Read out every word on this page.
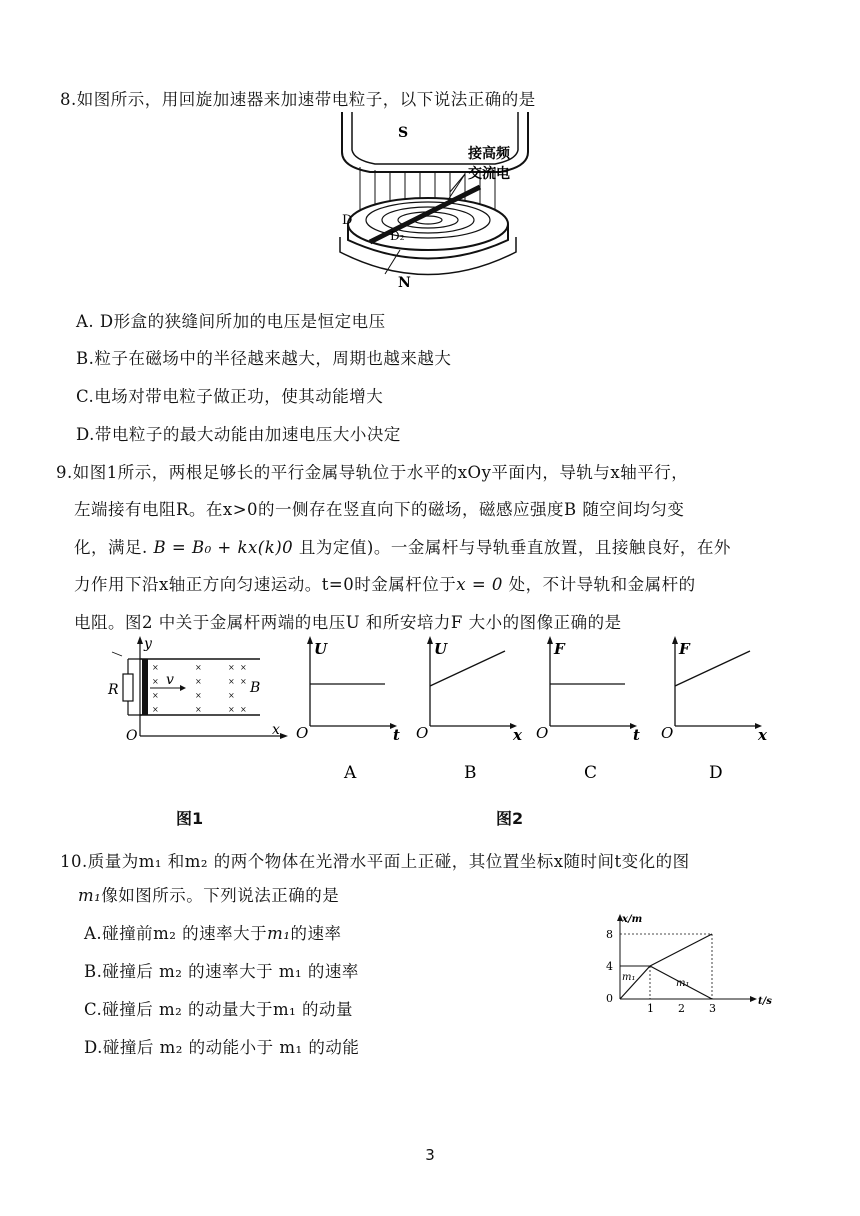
8.如图所示，用回旋加速器来加速带电粒子，以下说法正确的是
S
N
接高频
交流电
D
D₂
A. D形盒的狭缝间所加的电压是恒定电压
B.粒子在磁场中的半径越来越大，周期也越来越大
C.电场对带电粒子做正功，使其动能增大
D.带电粒子的最大动能由加速电压大小决定
9.如图1所示，两根足够长的平行金属导轨位于水平的xOy平面内，导轨与x轴平行，
左端接有电阻R。在x>0的一侧存在竖直向下的磁场，磁感应强度B 随空间均匀变
化，满足. B = B₀ + kx(k)0 且为定值)。一金属杆与导轨垂直放置，且接触良好，在外
力作用下沿x轴正方向匀速运动。t=0时金属杆位于x = 0 处，不计导轨和金属杆的
电阻。图2 中关于金属杆两端的电压U 和所安培力F 大小的图像正确的是
×
×
×
×
×
×
×
×
×
×
×
×
×
×
×
y
O	x
R
v	B
U
O	t
A
U
O	x
B
F
O	t
C
F
O	x
D
图1	图2
10.质量为m₁ 和m₂ 的两个物体在光滑水平面上正碰，其位置坐标x随时间t变化的图
m₁像如图所示。下列说法正确的是
A.碰撞前m₂ 的速率大于m₁的速率
B.碰撞后 m₂ 的速率大于 m₁ 的速率
C.碰撞后 m₂ 的动量大于m₁ 的动量
D.碰撞后 m₂ 的动能小于 m₁ 的动能
x/m
t/s
8
4
0
1 2 3
m₁
m₁
3
